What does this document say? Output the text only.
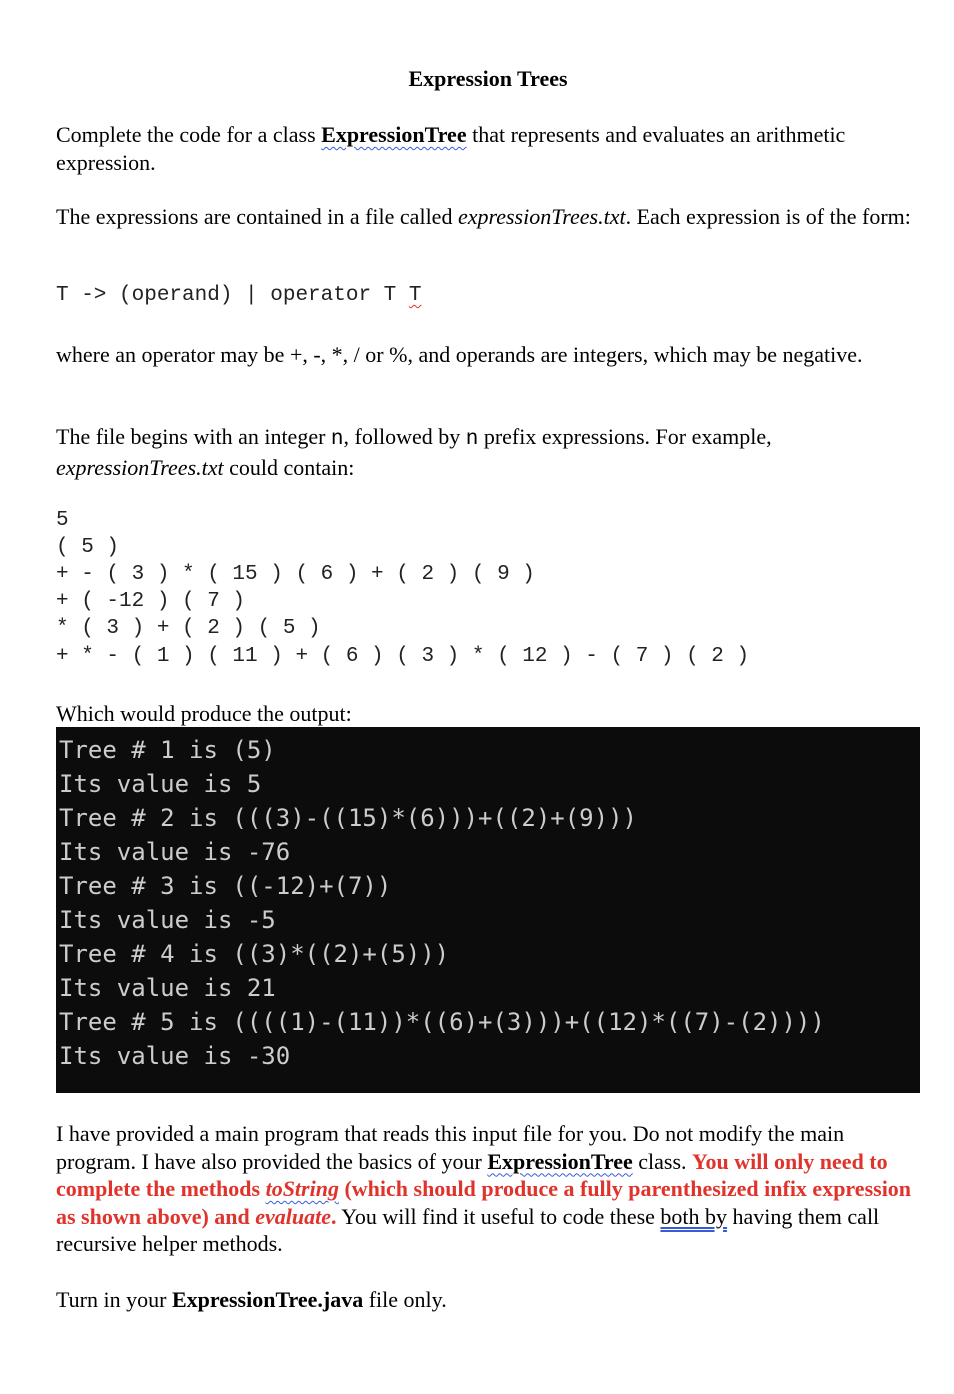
Expression Trees

Complete the code for a class ExpressionTree that represents and evaluates an arithmetic expression.

The expressions are contained in a file called expressionTrees.txt. Each expression is of the form:

T -> (operand) | operator T T

where an operator may be +, -, *, / or %, and operands are integers, which may be negative.

The file begins with an integer n, followed by n prefix expressions. For example, expressionTrees.txt could contain:

5

( 5 )

+ - ( 3 ) * ( 15 ) ( 6 ) + ( 2 ) ( 9 )

+ ( -12 ) ( 7 )

* ( 3 ) + ( 2 ) ( 5 )

+ * - ( 1 ) ( 11 ) + ( 6 ) ( 3 ) * ( 12 ) - ( 7 ) ( 2 )

Which would produce the output:

Tree # 1 is (5)

Its value is 5

Tree # 2 is (((3)-((15)*(6)))+((2)+(9)))

Its value is -76

Tree # 3 is ((-12)+(7))

Its value is -5

Tree # 4 is ((3)*((2)+(5)))

Its value is 21

Tree # 5 is ((((1)-(11))*((6)+(3)))+((12)*((7)-(2))))

Its value is -30

I have provided a main program that reads this input file for you. Do not modify the main program. I have also provided the basics of your ExpressionTree class. You will only need to complete the methods toString (which should produce a fully parenthesized infix expression as shown above) and evaluate. You will find it useful to code these both by having them call recursive helper methods.

Turn in your ExpressionTree.java file only.
